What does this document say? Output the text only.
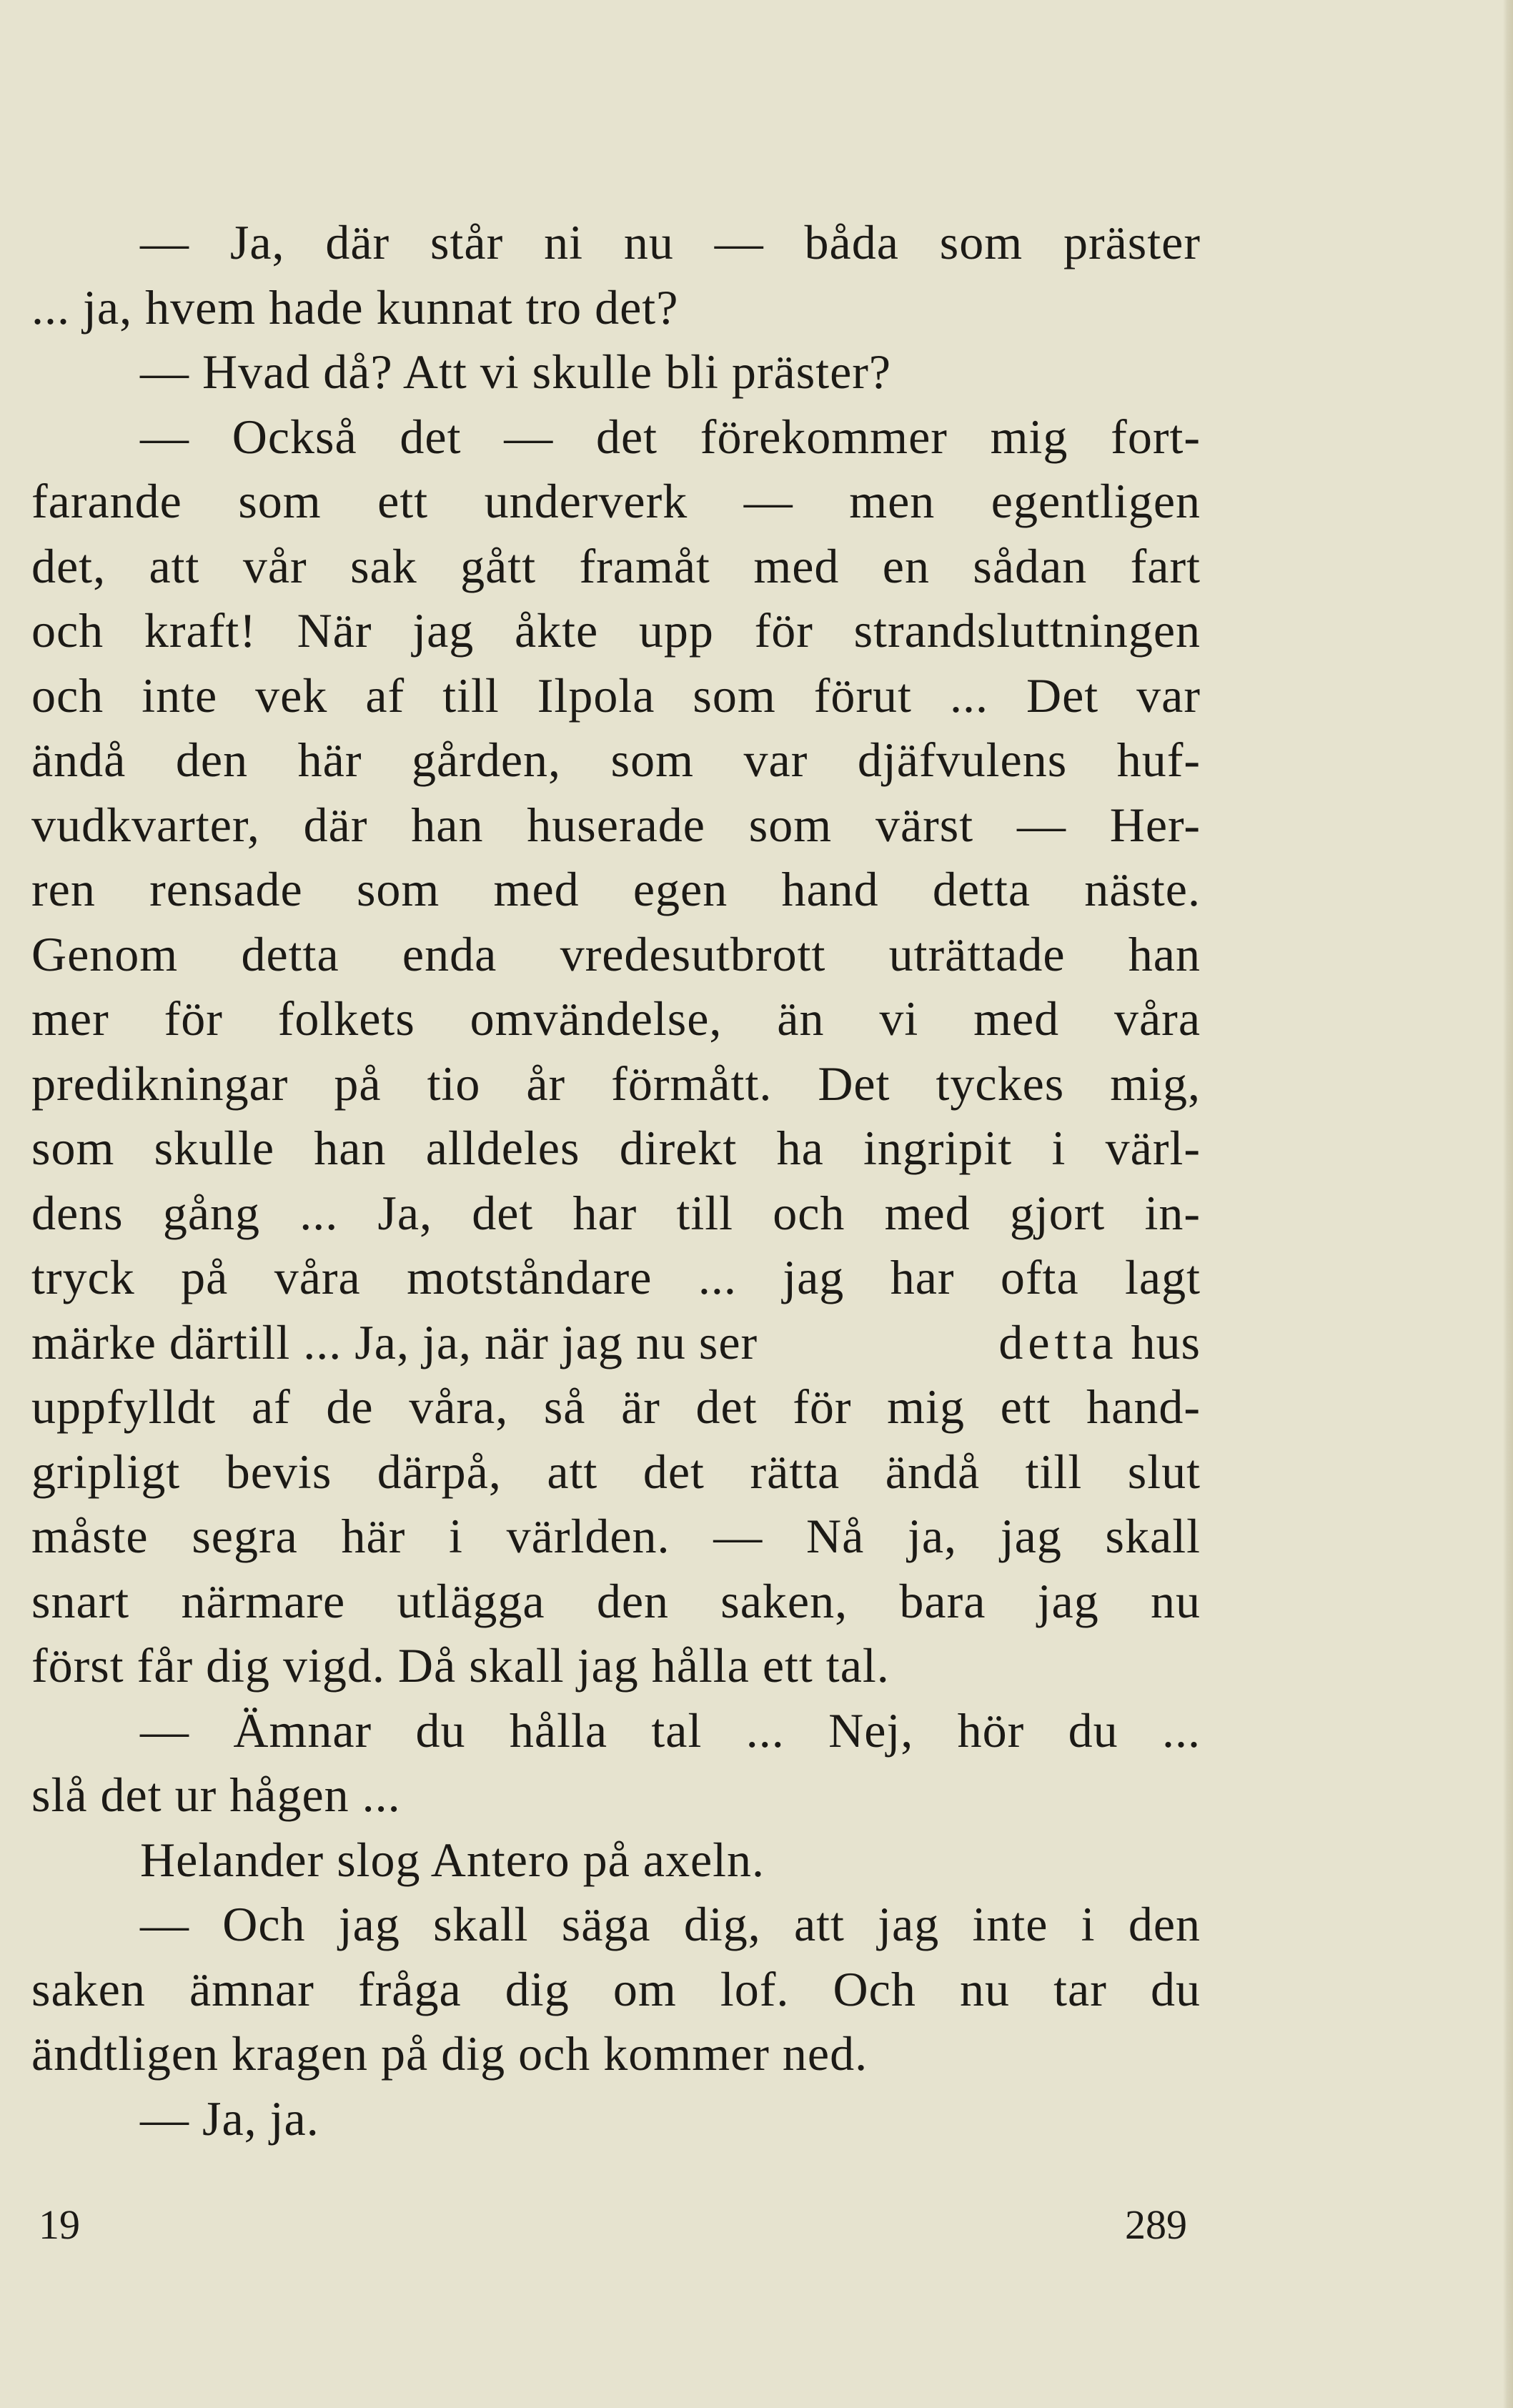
— Ja, där står ni nu — båda som präster
... ja, hvem hade kunnat tro det?
— Hvad då? Att vi skulle bli präster?
— Också det — det förekommer mig fort-
farande som ett underverk — men egentligen
det, att vår sak gått framåt med en sådan fart
och kraft! När jag åkte upp för strandsluttningen
och inte vek af till Ilpola som förut ... Det var
ändå den här gården, som var djäfvulens huf-
vudkvarter, där han huserade som värst — Her-
ren rensade som med egen hand detta näste.
Genom detta enda vredesutbrott uträttade han
mer för folkets omvändelse, än vi med våra
predikningar på tio år förmått. Det tyckes mig,
som skulle han alldeles direkt ha ingripit i värl-
dens gång ... Ja, det har till och med gjort in-
tryck på våra motståndare ... jag har ofta lagt
märke därtill ... Ja, ja, när jag nu ser	detta hus
uppfylldt af de våra, så är det för mig ett hand-
gripligt bevis därpå, att det rätta ändå till slut
måste segra här i världen. — Nå ja, jag skall
snart närmare utlägga den saken, bara jag nu
först får dig vigd. Då skall jag hålla ett tal.
— Ämnar du hålla tal ... Nej, hör du ...
slå det ur hågen ...
Helander slog Antero på axeln.
— Och jag skall säga dig, att jag inte i den
saken ämnar fråga dig om lof. Och nu tar du
ändtligen kragen på dig och kommer ned.
— Ja, ja.
19	289
